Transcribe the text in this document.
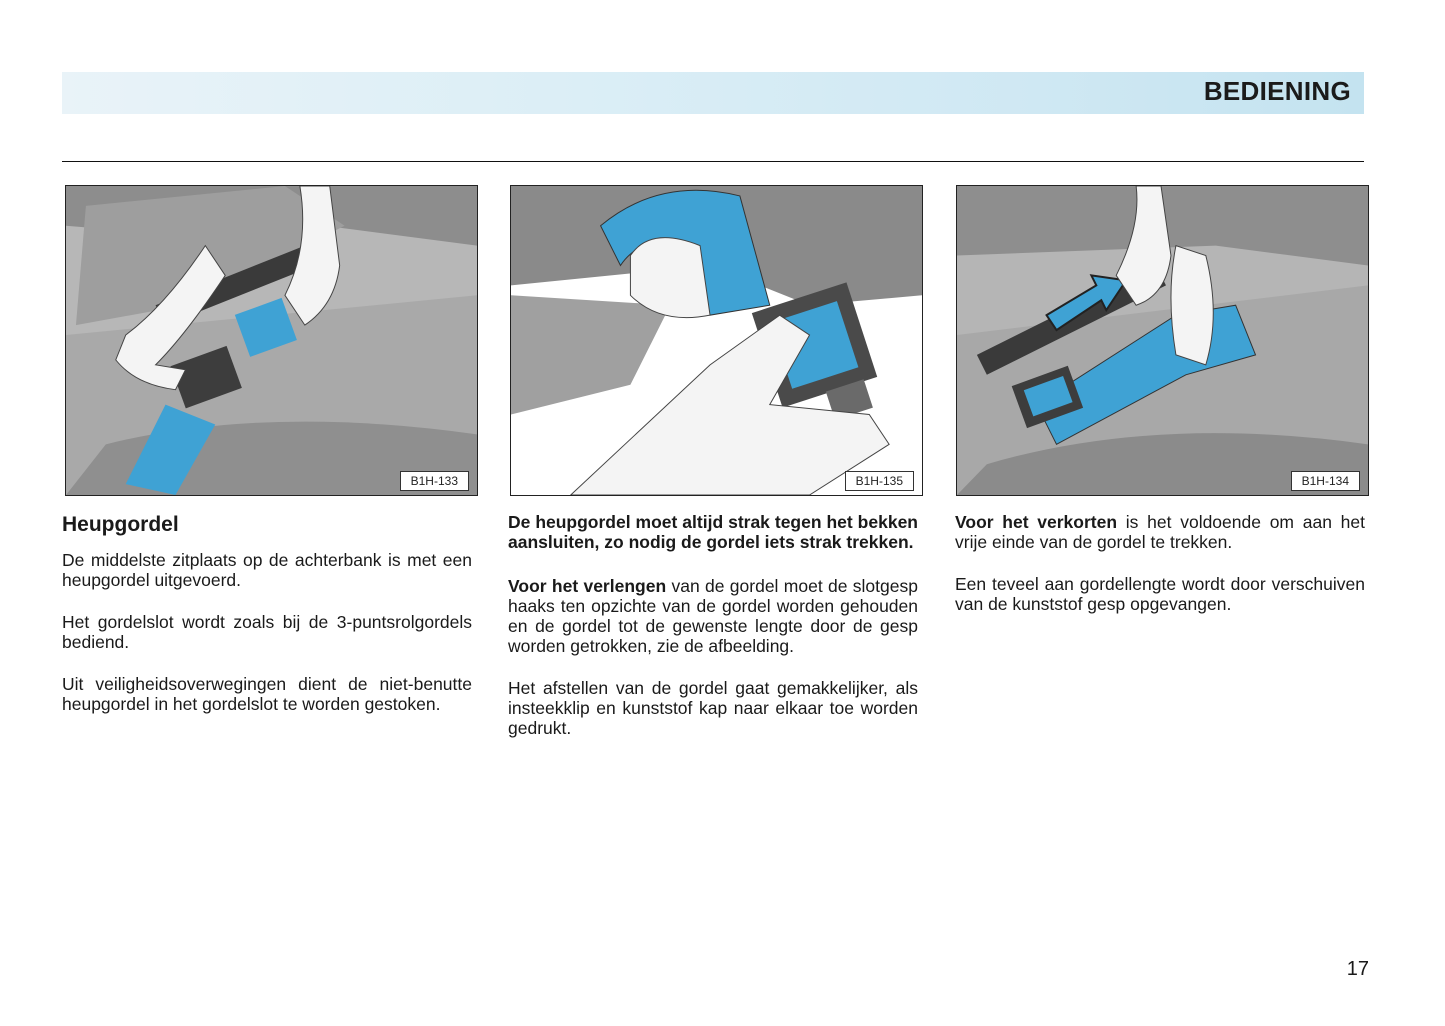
BEDIENING
B1H-133	B1H-135	B1H-134
Heupgordel

De middelste zitplaats op de achterbank is met een heupgordel uitgevoerd.

Het gordelslot wordt zoals bij de 3-puntsrolgordels bediend.

Uit veiligheidsoverwegingen dient de niet-benutte heupgordel in het gordelslot te worden gestoken.

De heupgordel moet altijd strak tegen het bekken aansluiten, zo nodig de gordel iets strak trekken.

Voor het verlengen van de gordel moet de slotgesp haaks ten opzichte van de gordel worden gehouden en de gordel tot de gewenste lengte door de gesp worden getrokken, zie de afbeelding.

Het afstellen van de gordel gaat gemakkelijker, als insteekklip en kunststof kap naar elkaar toe worden gedrukt.

Voor het verkorten is het voldoende om aan het vrije einde van de gordel te trekken.

Een teveel aan gordellengte wordt door verschuiven van de kunststof gesp opgevangen.

17
